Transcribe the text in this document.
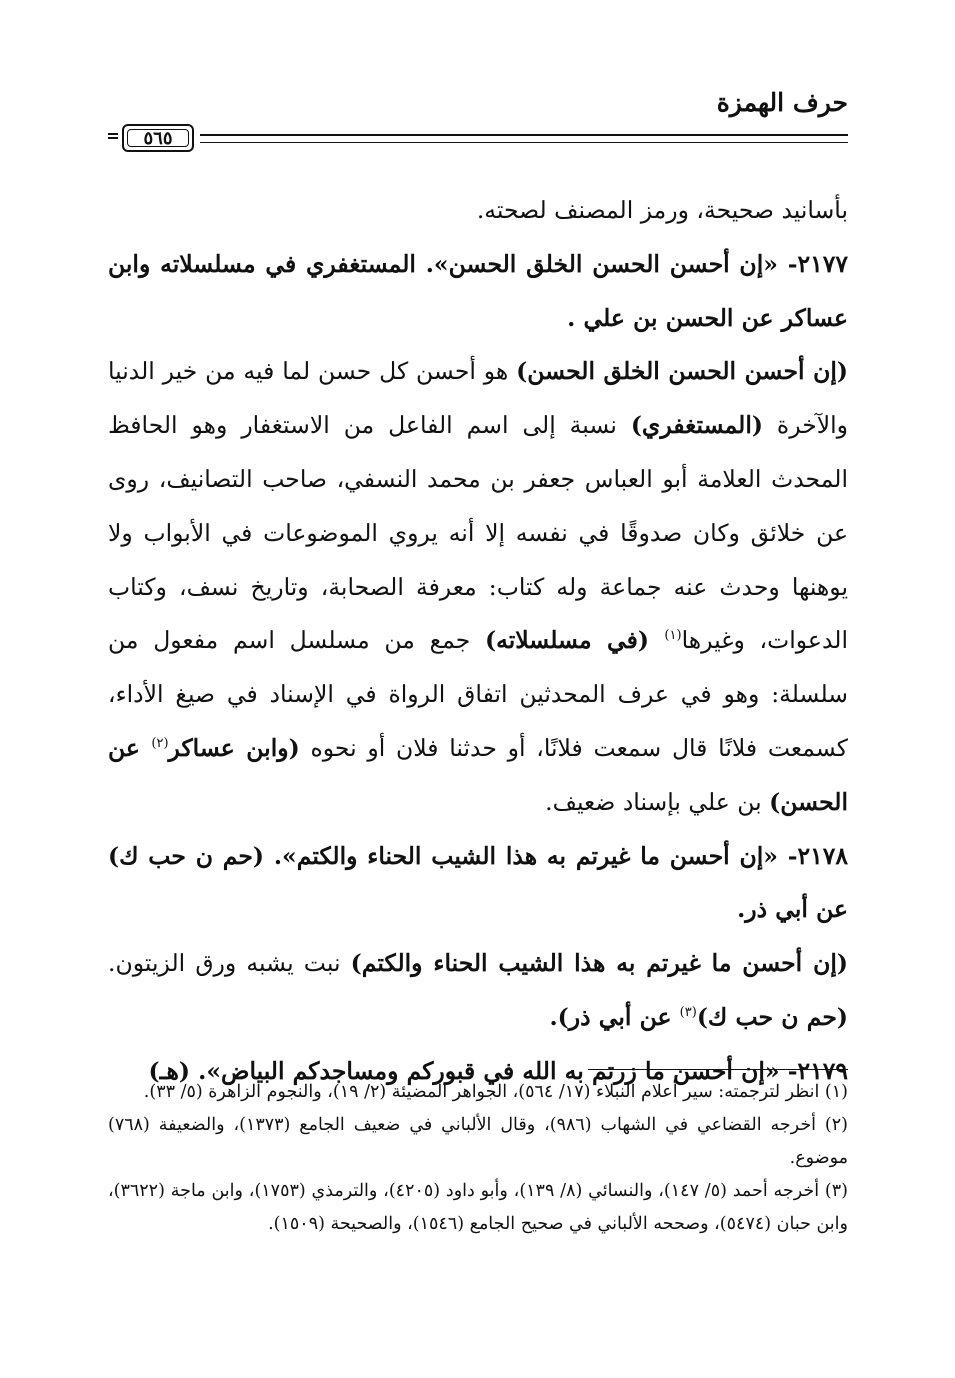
حرف الهمزة
٥٦٥

بأسانيد صحيحة، ورمز المصنف لصحته.

٢١٧٧- «إن أحسن الحسن الخلق الحسن». المستغفري في مسلسلاته وابن عساكر عن الحسن بن علي .

(إن أحسن الحسن الخلق الحسن) هو أحسن كل حسن لما فيه من خير الدنيا والآخرة (المستغفري) نسبة إلى اسم الفاعل من الاستغفار وهو الحافظ المحدث العلامة أبو العباس جعفر بن محمد النسفي، صاحب التصانيف، روى عن خلائق وكان صدوقًا في نفسه إلا أنه يروي الموضوعات في الأبواب ولا يوهنها وحدث عنه جماعة وله كتاب: معرفة الصحابة، وتاريخ نسف، وكتاب الدعوات، وغيرها$^{(١)}$ (في مسلسلاته) جمع من مسلسل اسم مفعول من سلسلة: وهو في عرف المحدثين اتفاق الرواة في الإسناد في صيغ الأداء، كسمعت فلانًا قال سمعت فلانًا، أو حدثنا فلان أو نحوه (وابن عساكر$^{(٢)}$ عن الحسن) بن علي بإسناد ضعيف.

٢١٧٨- «إن أحسن ما غيرتم به هذا الشيب الحناء والكتم». (حم ن حب ك) عن أبي ذر.

(إن أحسن ما غيرتم به هذا الشيب الحناء والكتم) نبت يشبه ورق الزيتون. (حم ن حب ك)$^{(٣)}$ عن أبي ذر).

٢١٧٩- «إن أحسن ما زرتم به الله في قبوركم ومساجدكم البياض». (هـ)

(١) انظر لترجمته: سير أعلام النبلاء (١٧/ ٥٦٤)، الجواهر المضيئة (٢/ ١٩)، والنجوم الزاهرة (٥/ ٣٣).

(٢) أخرجه القضاعي في الشهاب (٩٨٦)، وقال الألباني في ضعيف الجامع (١٣٧٣)، والضعيفة (٧٦٨) موضوع.

(٣) أخرجه أحمد (٥/ ١٤٧)، والنسائي (٨/ ١٣٩)، وأبو داود (٤٢٠٥)، والترمذي (١٧٥٣)، وابن ماجة (٣٦٢٢)، وابن حبان (٥٤٧٤)، وصححه الألباني في صحيح الجامع (١٥٤٦)، والصحيحة (١٥٠٩).
